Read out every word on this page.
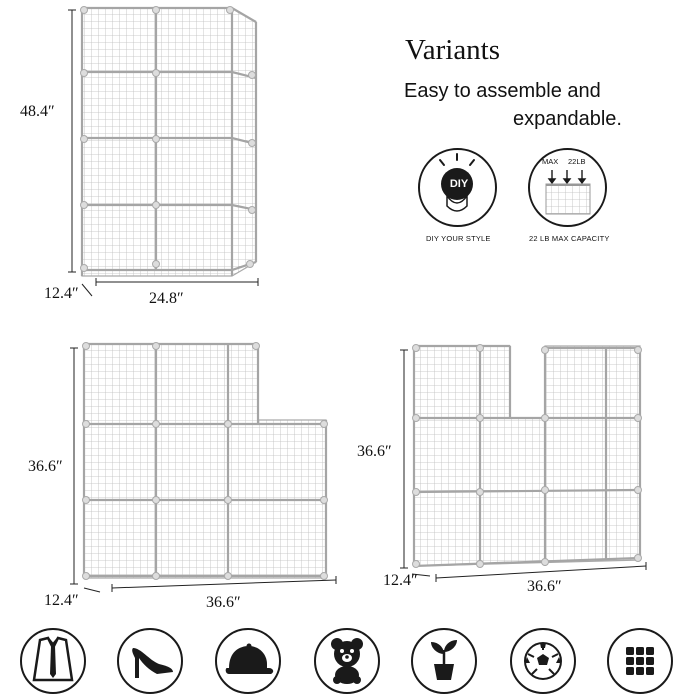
Variants
Easy to assemble and
expandable.
48.4″
12.4″	24.8″
36.6″
12.4″	36.6″
36.6″
12.4″	36.6″
DIY
DIY YOUR STYLE
MAX 22LB
22 LB MAX CAPACITY
